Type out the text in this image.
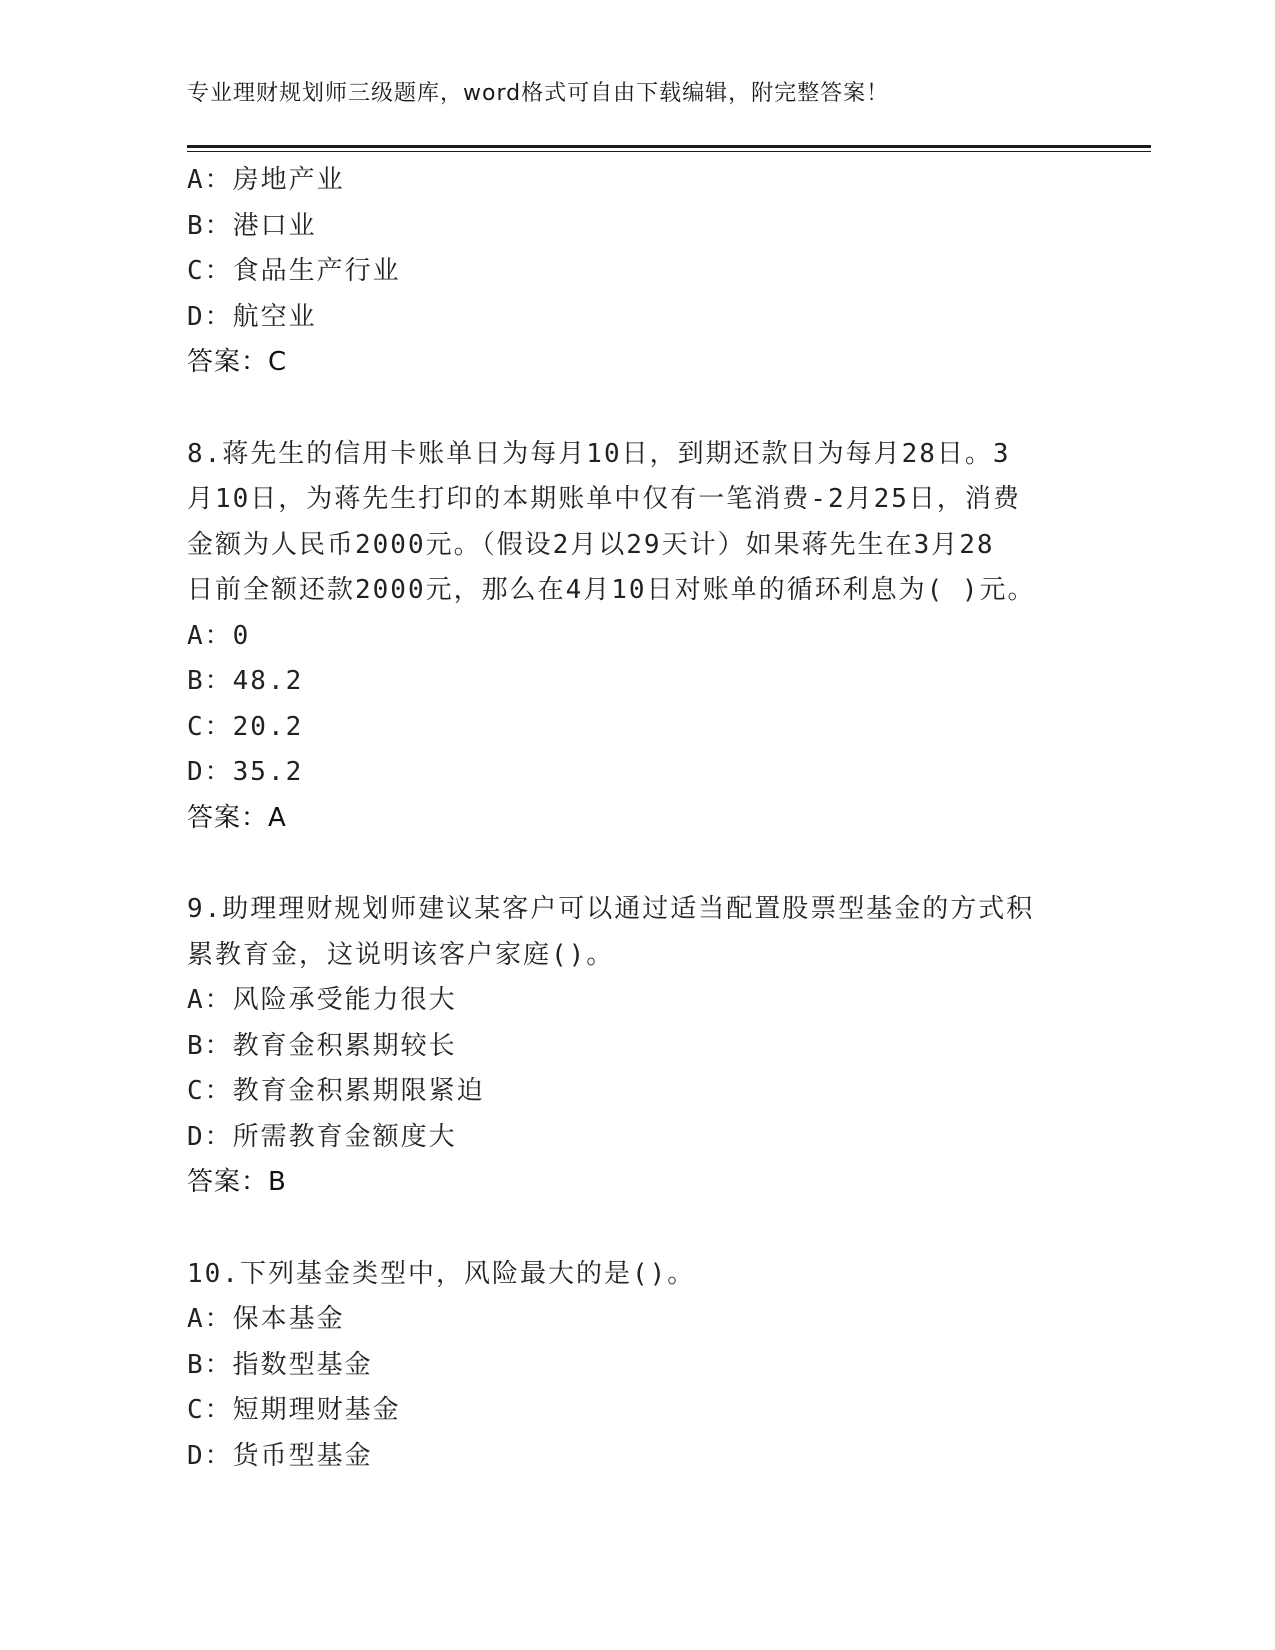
专业理财规划师三级题库，word格式可自由下载编辑，附完整答案！
A：房地产业
B：港口业
C：食品生产行业
D：航空业
答案：C
8.蒋先生的信用卡账单日为每月10日，到期还款日为每月28日。3
月10日，为蒋先生打印的本期账单中仅有一笔消费-2月25日，消费
金额为人民币2000元。（假设2月以29天计）如果蒋先生在3月28
日前全额还款2000元，那么在4月10日对账单的循环利息为( )元。
A：0
B：48.2
C：20.2
D：35.2
答案：A
9.助理理财规划师建议某客户可以通过适当配置股票型基金的方式积
累教育金，这说明该客户家庭()。
A：风险承受能力很大
B：教育金积累期较长
C：教育金积累期限紧迫
D：所需教育金额度大
答案：B
10.下列基金类型中，风险最大的是()。
A：保本基金
B：指数型基金
C：短期理财基金
D：货币型基金
